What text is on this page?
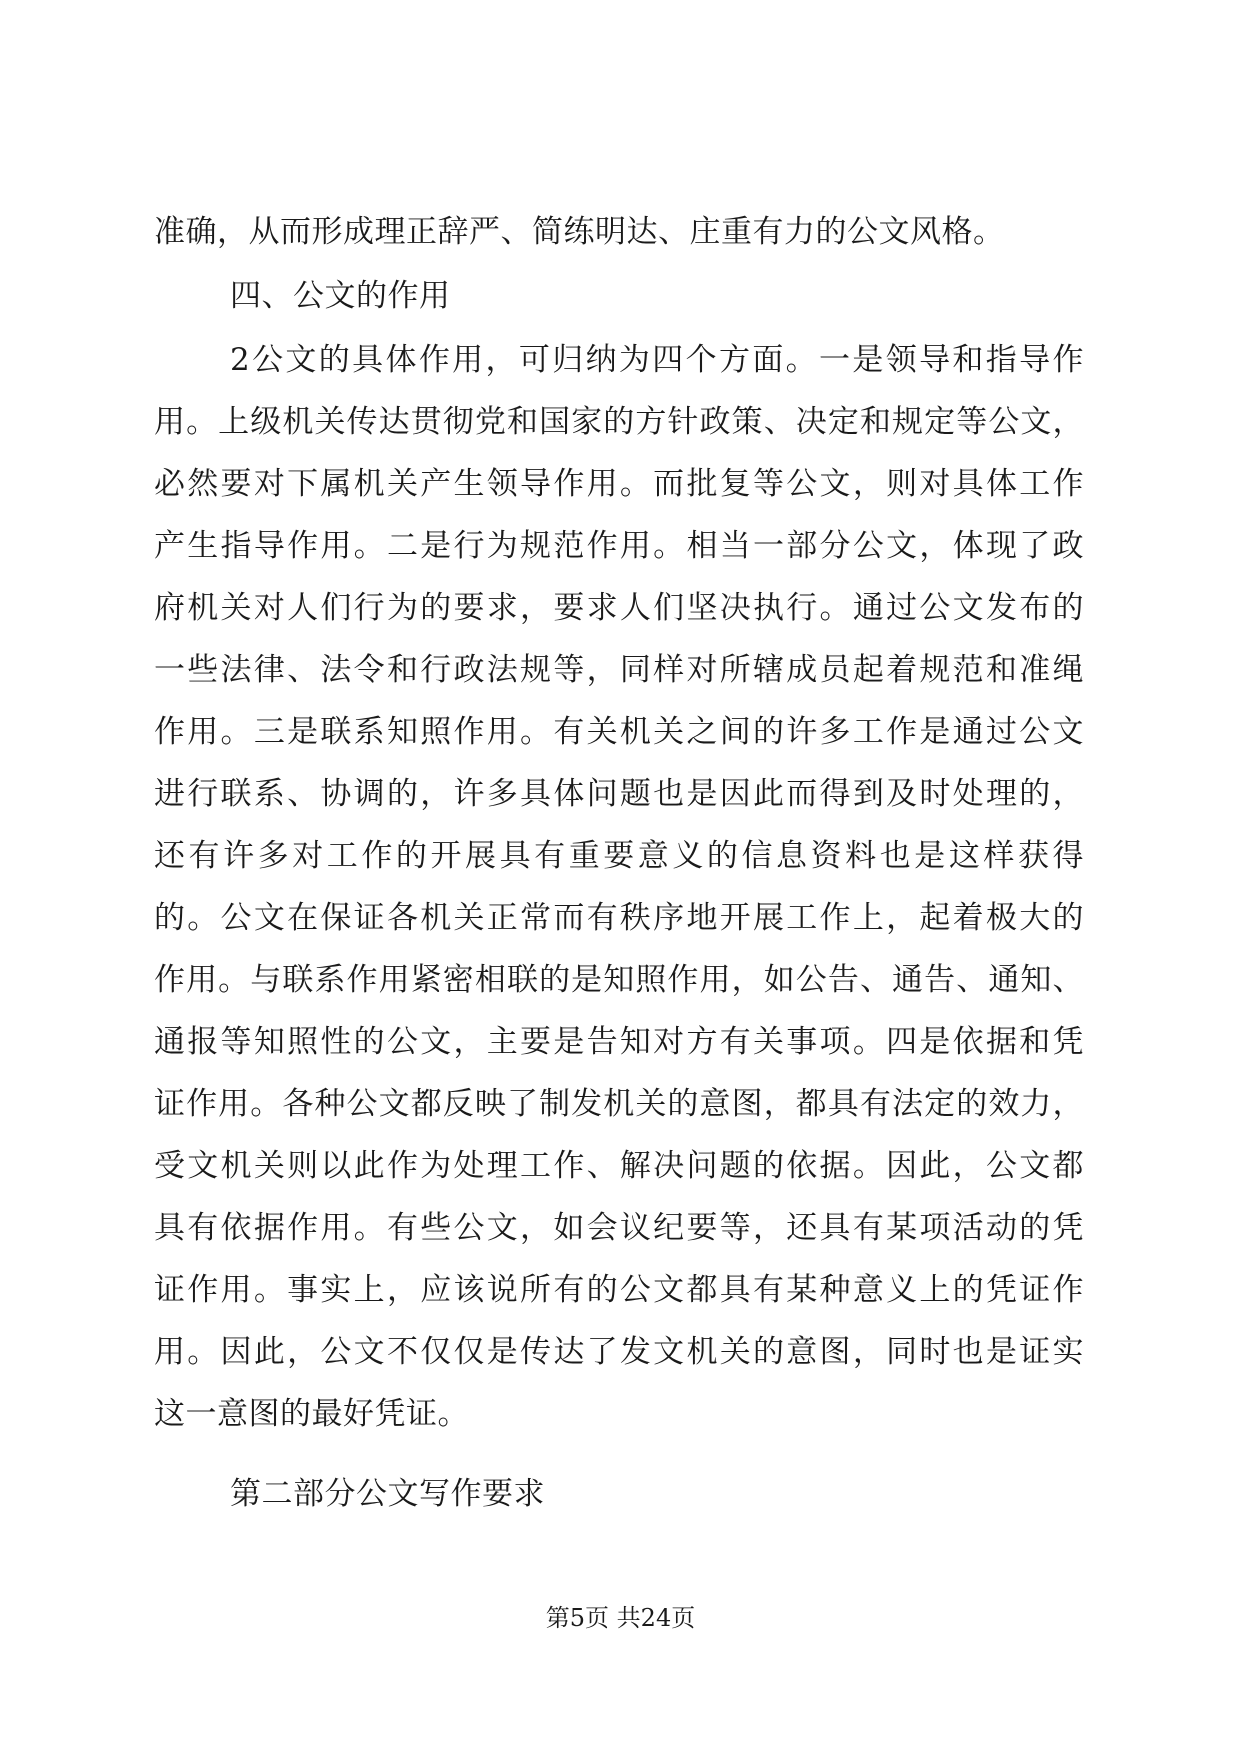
准确，从而形成理正辞严、简练明达、庄重有力的公文风格。
四、公文的作用
2公文的具体作用，可归纳为四个方面。一是领导和指导作
用。上级机关传达贯彻党和国家的方针政策、决定和规定等公文，
必然要对下属机关产生领导作用。而批复等公文，则对具体工作
产生指导作用。二是行为规范作用。相当一部分公文，体现了政
府机关对人们行为的要求，要求人们坚决执行。通过公文发布的
一些法律、法令和行政法规等，同样对所辖成员起着规范和准绳
作用。三是联系知照作用。有关机关之间的许多工作是通过公文
进行联系、协调的，许多具体问题也是因此而得到及时处理的，
还有许多对工作的开展具有重要意义的信息资料也是这样获得
的。公文在保证各机关正常而有秩序地开展工作上，起着极大的
作用。与联系作用紧密相联的是知照作用，如公告、通告、通知、
通报等知照性的公文，主要是告知对方有关事项。四是依据和凭
证作用。各种公文都反映了制发机关的意图，都具有法定的效力，
受文机关则以此作为处理工作、解决问题的依据。因此，公文都
具有依据作用。有些公文，如会议纪要等，还具有某项活动的凭
证作用。事实上，应该说所有的公文都具有某种意义上的凭证作
用。因此，公文不仅仅是传达了发文机关的意图，同时也是证实
这一意图的最好凭证。
第二部分公文写作要求
第5页 共24页
